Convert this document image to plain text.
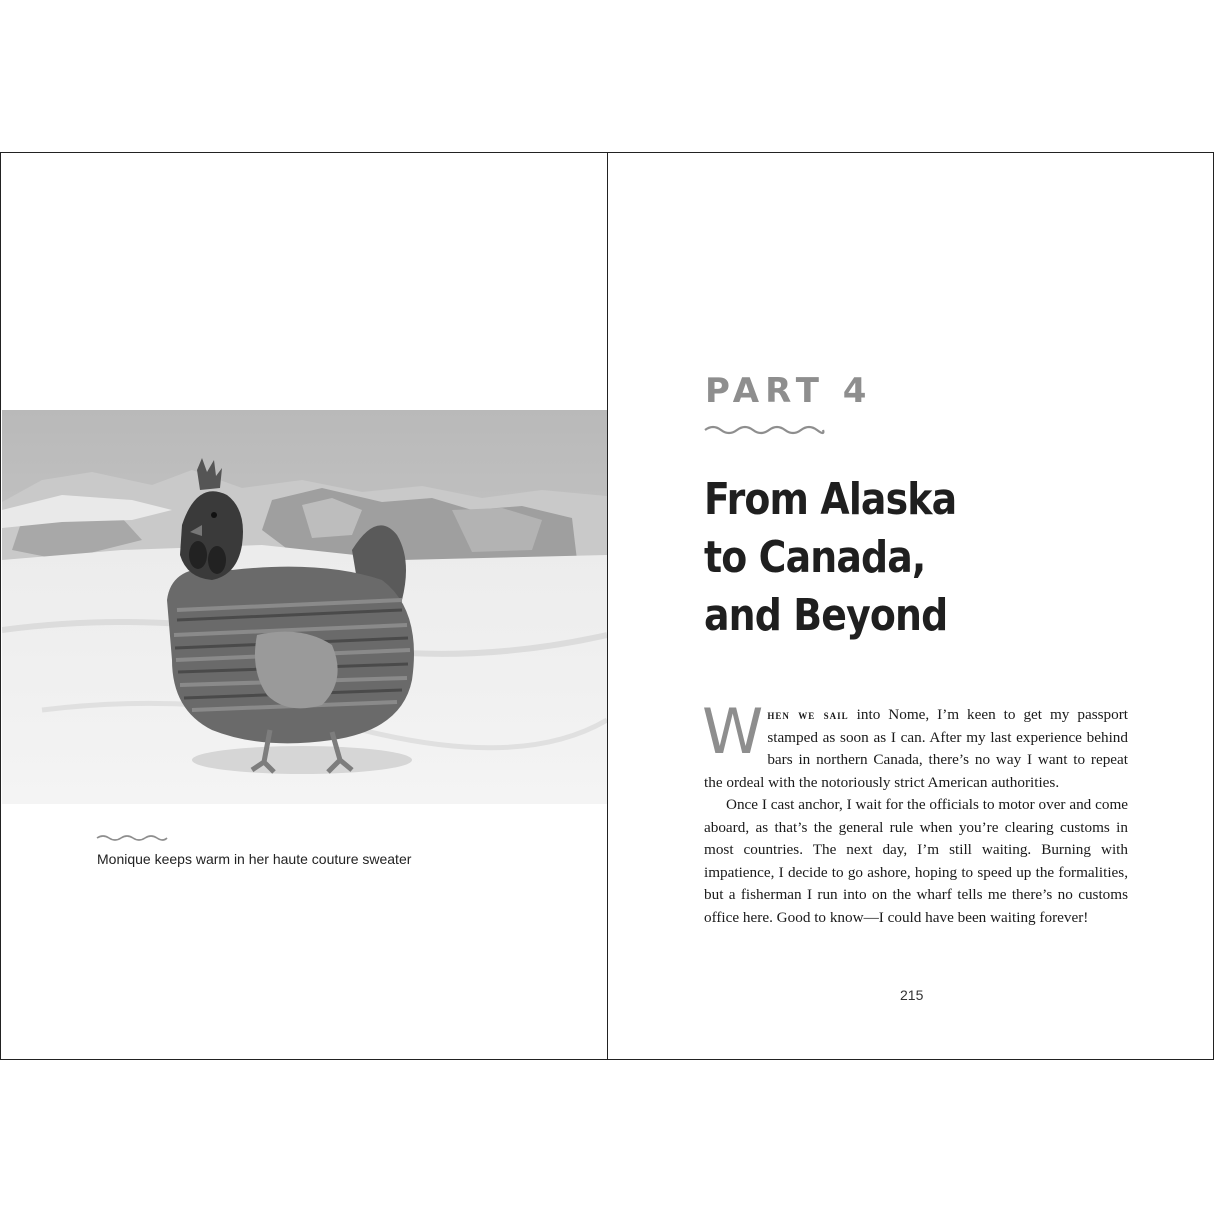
Monique keeps warm in her haute couture sweater
PART 4
From Alaska
to Canada,
and Beyond

When we sail into Nome, I’m keen to get my passport stamped as soon as I can. After my last experience behind bars in northern Canada, there’s no way I want to repeat the ordeal with the notoriously strict American authorities.

Once I cast anchor, I wait for the officials to motor over and come aboard, as that’s the general rule when you’re clearing customs in most countries. The next day, I’m still waiting. Burning with impatience, I decide to go ashore, hoping to speed up the formalities, but a fisherman I run into on the wharf tells me there’s no customs office here. Good to know—I could have been waiting forever!

215
